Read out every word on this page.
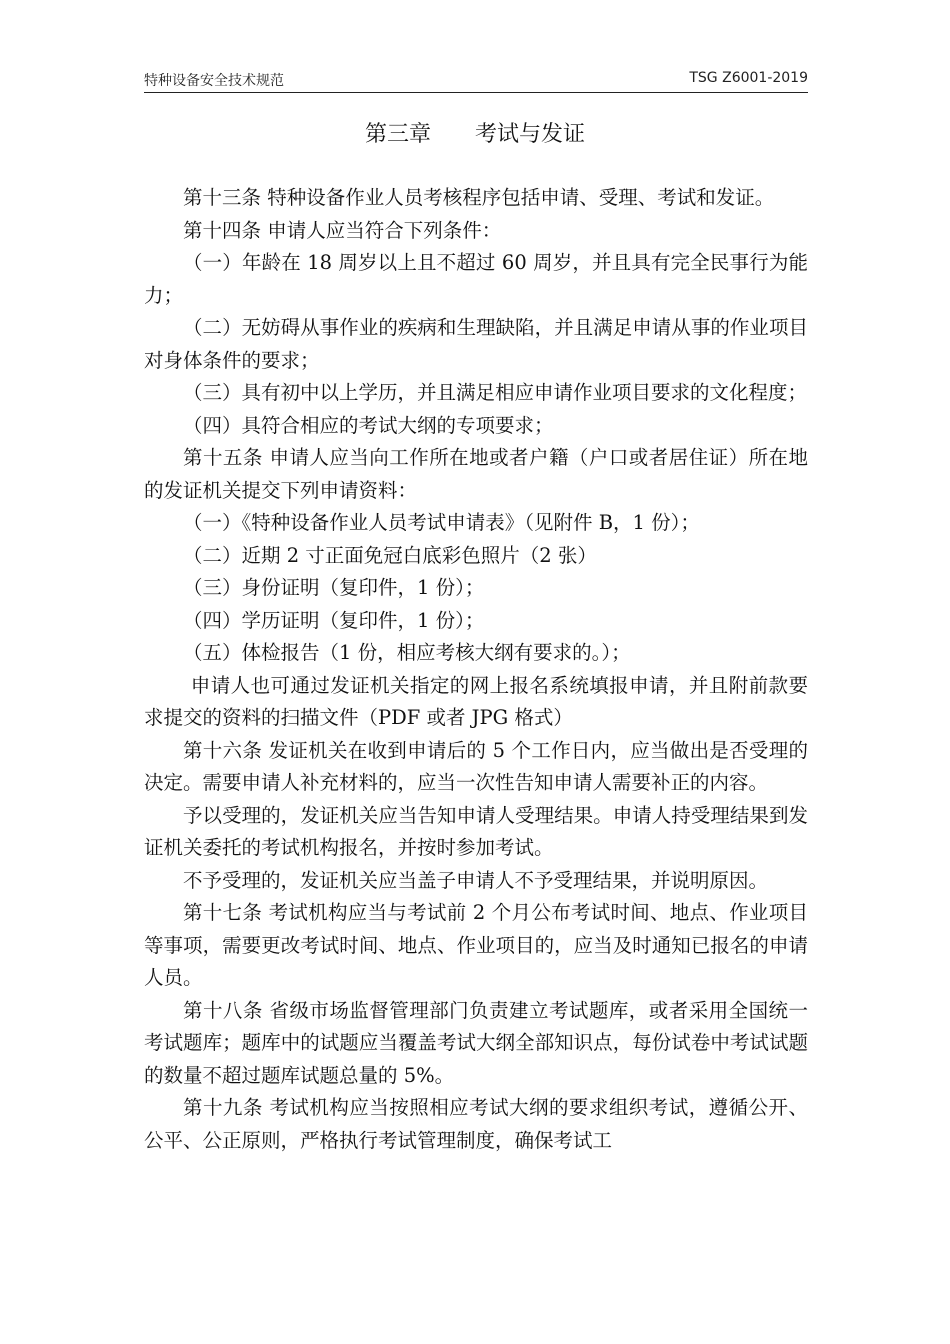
特种设备安全技术规范	TSG Z6001-2019
第三章　　考试与发证

第十三条 特种设备作业人员考核程序包括申请、受理、考试和发证。

第十四条 申请人应当符合下列条件：

（一）年龄在 18 周岁以上且不超过 60 周岁，并且具有完全民事行为能力；

（二）无妨碍从事作业的疾病和生理缺陷，并且满足申请从事的作业项目对身体条件的要求；

（三）具有初中以上学历，并且满足相应申请作业项目要求的文化程度；

（四）具符合相应的考试大纲的专项要求；

第十五条 申请人应当向工作所在地或者户籍（户口或者居住证）所在地的发证机关提交下列申请资料：

（一）《特种设备作业人员考试申请表》（见附件 B，1 份）；

（二）近期 2 寸正面免冠白底彩色照片（2 张）

（三）身份证明（复印件，1 份）；

（四）学历证明（复印件，1 份）；

（五）体检报告（1 份，相应考核大纲有要求的。）；

申请人也可通过发证机关指定的网上报名系统填报申请，并且附前款要求提交的资料的扫描文件（PDF 或者 JPG 格式）

第十六条 发证机关在收到申请后的 5 个工作日内，应当做出是否受理的决定。需要申请人补充材料的，应当一次性告知申请人需要补正的内容。

予以受理的，发证机关应当告知申请人受理结果。申请人持受理结果到发证机关委托的考试机构报名，并按时参加考试。

不予受理的，发证机关应当盖子申请人不予受理结果，并说明原因。

第十七条 考试机构应当与考试前 2 个月公布考试时间、地点、作业项目等事项，需要更改考试时间、地点、作业项目的，应当及时通知已报名的申请人员。

第十八条 省级市场监督管理部门负责建立考试题库，或者采用全国统一考试题库；题库中的试题应当覆盖考试大纲全部知识点，每份试卷中考试试题的数量不超过题库试题总量的 5%。

第十九条 考试机构应当按照相应考试大纲的要求组织考试，遵循公开、公平、公正原则，严格执行考试管理制度，确保考试工
